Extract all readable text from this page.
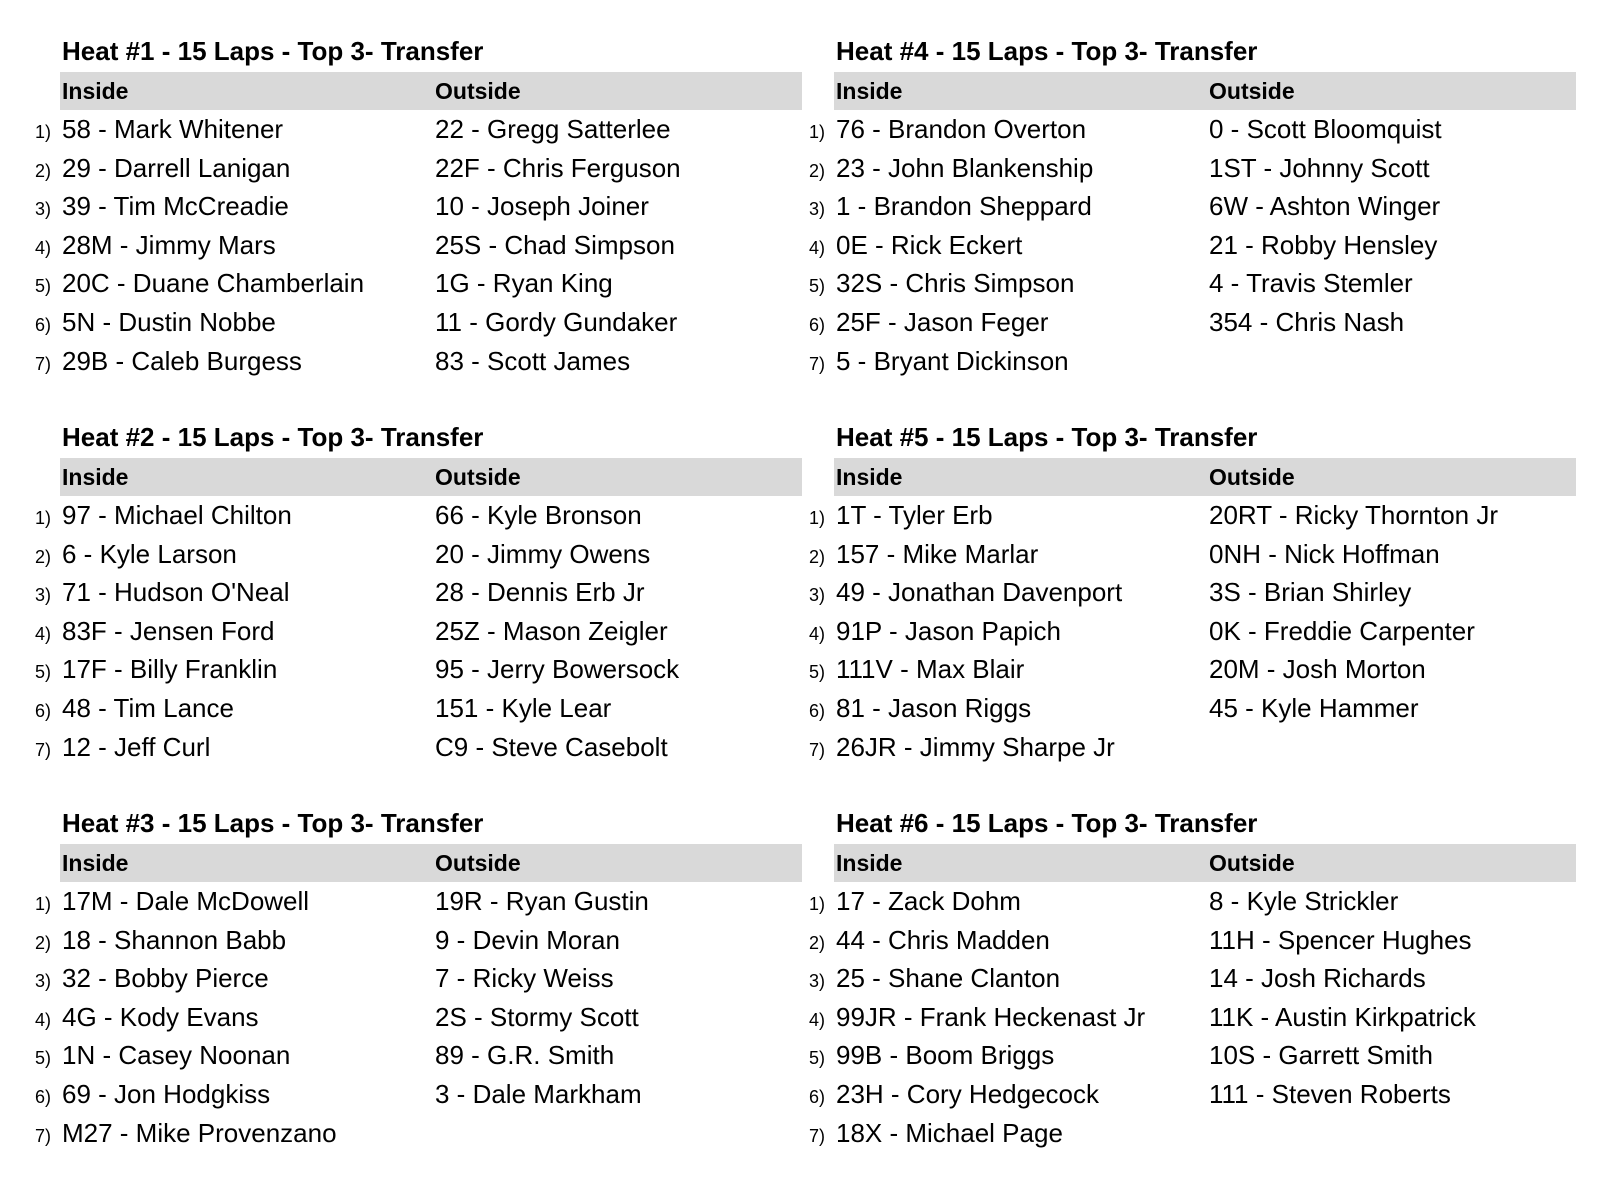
Heat #1 - 15 Laps - Top 3- Transfer
Inside	Outside
1) 58 - Mark Whitener	22 - Gregg Satterlee
2) 29 - Darrell Lanigan	22F - Chris Ferguson
3) 39 - Tim McCreadie	10 - Joseph Joiner
4) 28M - Jimmy Mars	25S - Chad Simpson
5) 20C - Duane Chamberlain	1G - Ryan King
6) 5N - Dustin Nobbe	11 - Gordy Gundaker
7) 29B - Caleb Burgess	83 - Scott James
Heat #2 - 15 Laps - Top 3- Transfer
Inside	Outside
1) 97 - Michael Chilton	66 - Kyle Bronson
2) 6 - Kyle Larson	20 - Jimmy Owens
3) 71 - Hudson O'Neal	28 - Dennis Erb Jr
4) 83F - Jensen Ford	25Z - Mason Zeigler
5) 17F - Billy Franklin	95 - Jerry Bowersock
6) 48 - Tim Lance	151 - Kyle Lear
7) 12 - Jeff Curl	C9 - Steve Casebolt
Heat #3 - 15 Laps - Top 3- Transfer
Inside	Outside
1) 17M - Dale McDowell	19R - Ryan Gustin
2) 18 - Shannon Babb	9 - Devin Moran
3) 32 - Bobby Pierce	7 - Ricky Weiss
4) 4G - Kody Evans	2S - Stormy Scott
5) 1N - Casey Noonan	89 - G.R. Smith
6) 69 - Jon Hodgkiss	3 - Dale Markham
7) M27 - Mike Provenzano
Heat #4 - 15 Laps - Top 3- Transfer
Inside	Outside
1) 76 - Brandon Overton	0 - Scott Bloomquist
2) 23 - John Blankenship	1ST - Johnny Scott
3) 1 - Brandon Sheppard	6W - Ashton Winger
4) 0E - Rick Eckert	21 - Robby Hensley
5) 32S - Chris Simpson	4 - Travis Stemler
6) 25F - Jason Feger	354 - Chris Nash
7) 5 - Bryant Dickinson
Heat #5 - 15 Laps - Top 3- Transfer
Inside	Outside
1) 1T - Tyler Erb	20RT - Ricky Thornton Jr
2) 157 - Mike Marlar	0NH - Nick Hoffman
3) 49 - Jonathan Davenport	3S - Brian Shirley
4) 91P - Jason Papich	0K - Freddie Carpenter
5) 111V - Max Blair	20M - Josh Morton
6) 81 - Jason Riggs	45 - Kyle Hammer
7) 26JR - Jimmy Sharpe Jr
Heat #6 - 15 Laps - Top 3- Transfer
Inside	Outside
1) 17 - Zack Dohm	8 - Kyle Strickler
2) 44 - Chris Madden	11H - Spencer Hughes
3) 25 - Shane Clanton	14 - Josh Richards
4) 99JR - Frank Heckenast Jr 11K - Austin Kirkpatrick
5) 99B - Boom Briggs	10S - Garrett Smith
6) 23H - Cory Hedgecock	111 - Steven Roberts
7) 18X - Michael Page
